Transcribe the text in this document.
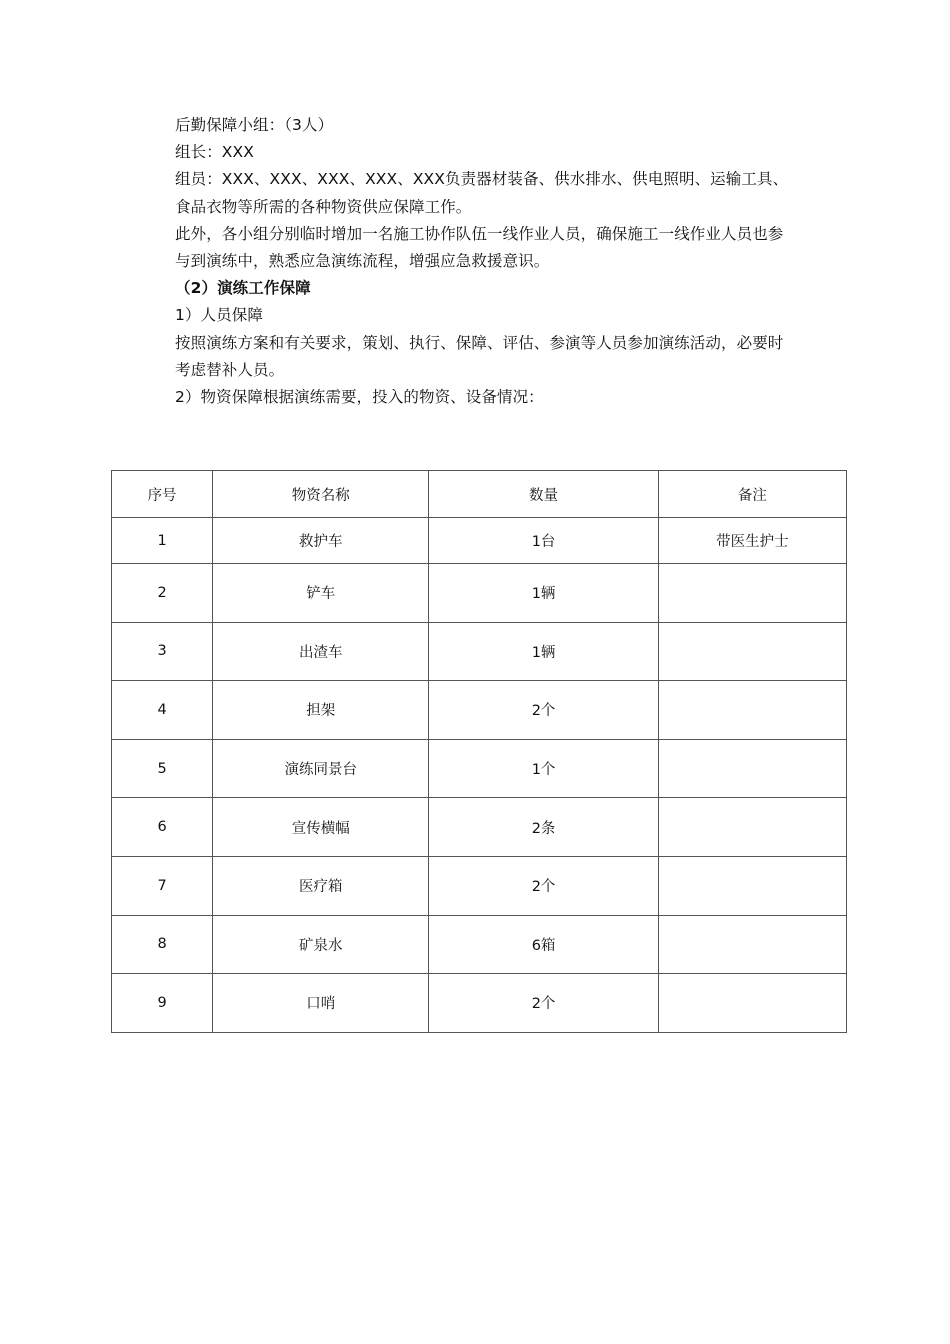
后勤保障小组：（3人）

组长：XXX

组员：XXX、XXX、XXX、XXX、XXX负责器材装备、供水排水、供电照明、运输工具、

食品衣物等所需的各种物资供应保障工作。

此外，各小组分别临时增加一名施工协作队伍一线作业人员，确保施工一线作业人员也参

与到演练中，熟悉应急演练流程，增强应急救援意识。

（2）演练工作保障

1）人员保障

按照演练方案和有关要求，策划、执行、保障、评估、参演等人员参加演练活动，必要时

考虑替补人员。

2）物资保障根据演练需要，投入的物资、设备情况：

序号	物资名称	数量	备注
1	救护车	1台	带医生护士
2	铲车	1辆	
3	出渣车	1辆	
4	担架	2个	
5	演练同景台	1个	
6	宣传横幅	2条	
7	医疗箱	2个	
8	矿泉水	6箱	
9	口哨	2个	
